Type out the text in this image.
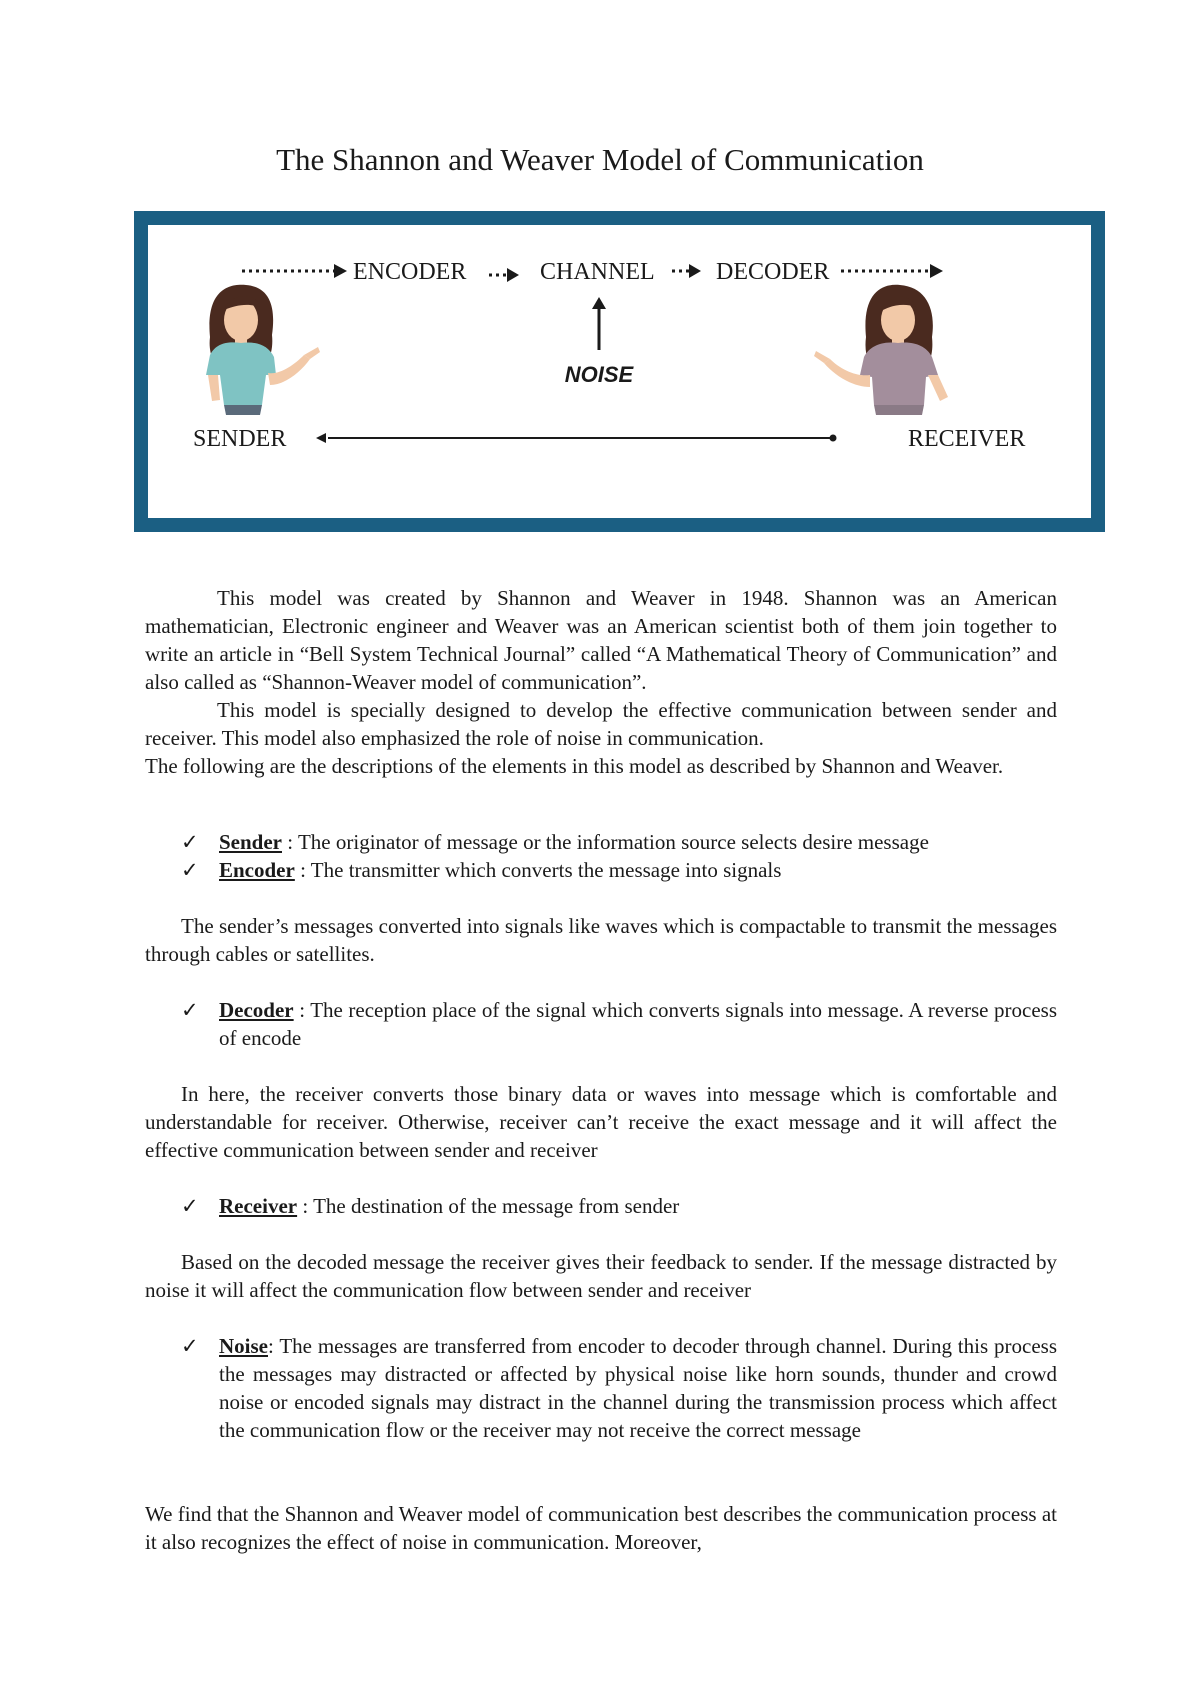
The Shannon and Weaver Model of Communication
ENCODER	CHANNEL	DECODER
NOISE
SENDER	RECEIVER

This model was created by Shannon and Weaver in 1948. Shannon was an American mathematician, Electronic engineer and Weaver was an American scientist both of them join together to write an article in “Bell System Technical Journal” called “A Mathematical Theory of Communication” and also called as “Shannon-Weaver model of communication”.

This model is specially designed to develop the effective communication between sender and receiver. This model also emphasized the role of noise in communication.

The following are the descriptions of the elements in this model as described by Shannon and Weaver.

✓ Sender : The originator of message or the information source selects desire message
✓ Encoder : The transmitter which converts the message into signals

The sender’s messages converted into signals like waves which is compactable to transmit the messages through cables or satellites.

✓ Decoder : The reception place of the signal which converts signals into message. A reverse process of encode

In here, the receiver converts those binary data or waves into message which is comfortable and understandable for receiver. Otherwise, receiver can’t receive the exact message and it will affect the effective communication between sender and receiver

✓ Receiver : The destination of the message from sender

Based on the decoded message the receiver gives their feedback to sender. If the message distracted by noise it will affect the communication flow between sender and receiver

✓ Noise: The messages are transferred from encoder to decoder through channel. During this process the messages may distracted or affected by physical noise like horn sounds, thunder and crowd noise or encoded signals may distract in the channel during the transmission process which affect the communication flow or the receiver may not receive the correct message

We find that the Shannon and Weaver model of communication best describes the communication process at it also recognizes the effect of noise in communication. Moreover,
